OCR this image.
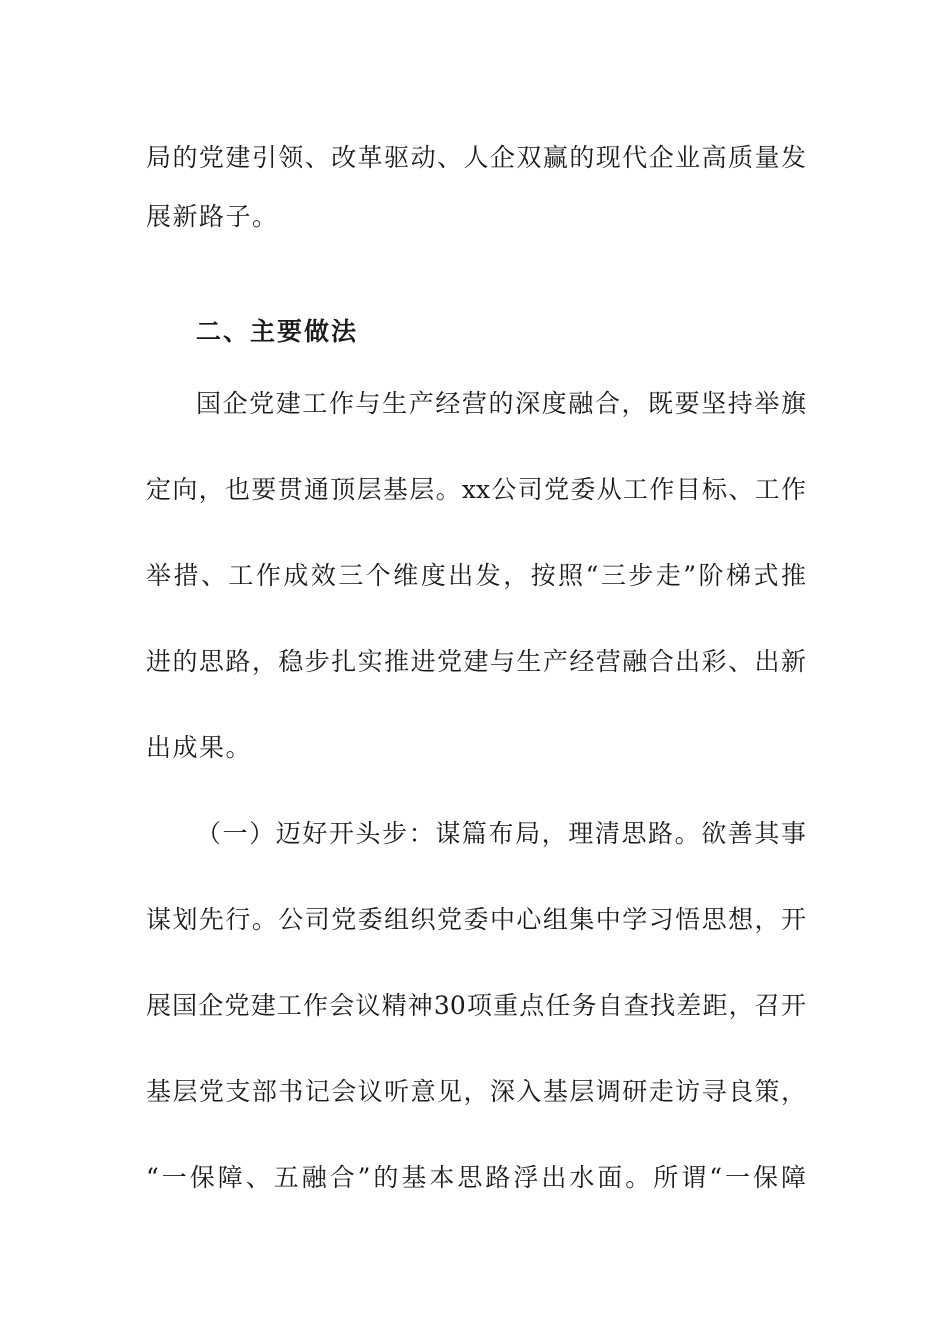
局的党建引领、改革驱动、人企双赢的现代企业高质量发
展新路子。
二、主要做法
国企党建工作与生产经营的深度融合，既要坚持举旗
定向，也要贯通顶层基层。xx公司党委从工作目标、工作
举措、工作成效三个维度出发，按照“三步走”阶梯式推
进的思路，稳步扎实推进党建与生产经营融合出彩、出新
出成果。
（一）迈好开头步：谋篇布局，理清思路。欲善其事
谋划先行。公司党委组织党委中心组集中学习悟思想，开
展国企党建工作会议精神30项重点任务自查找差距，召开
基层党支部书记会议听意见，深入基层调研走访寻良策，
“一保障、五融合”的基本思路浮出水面。所谓“一保障
